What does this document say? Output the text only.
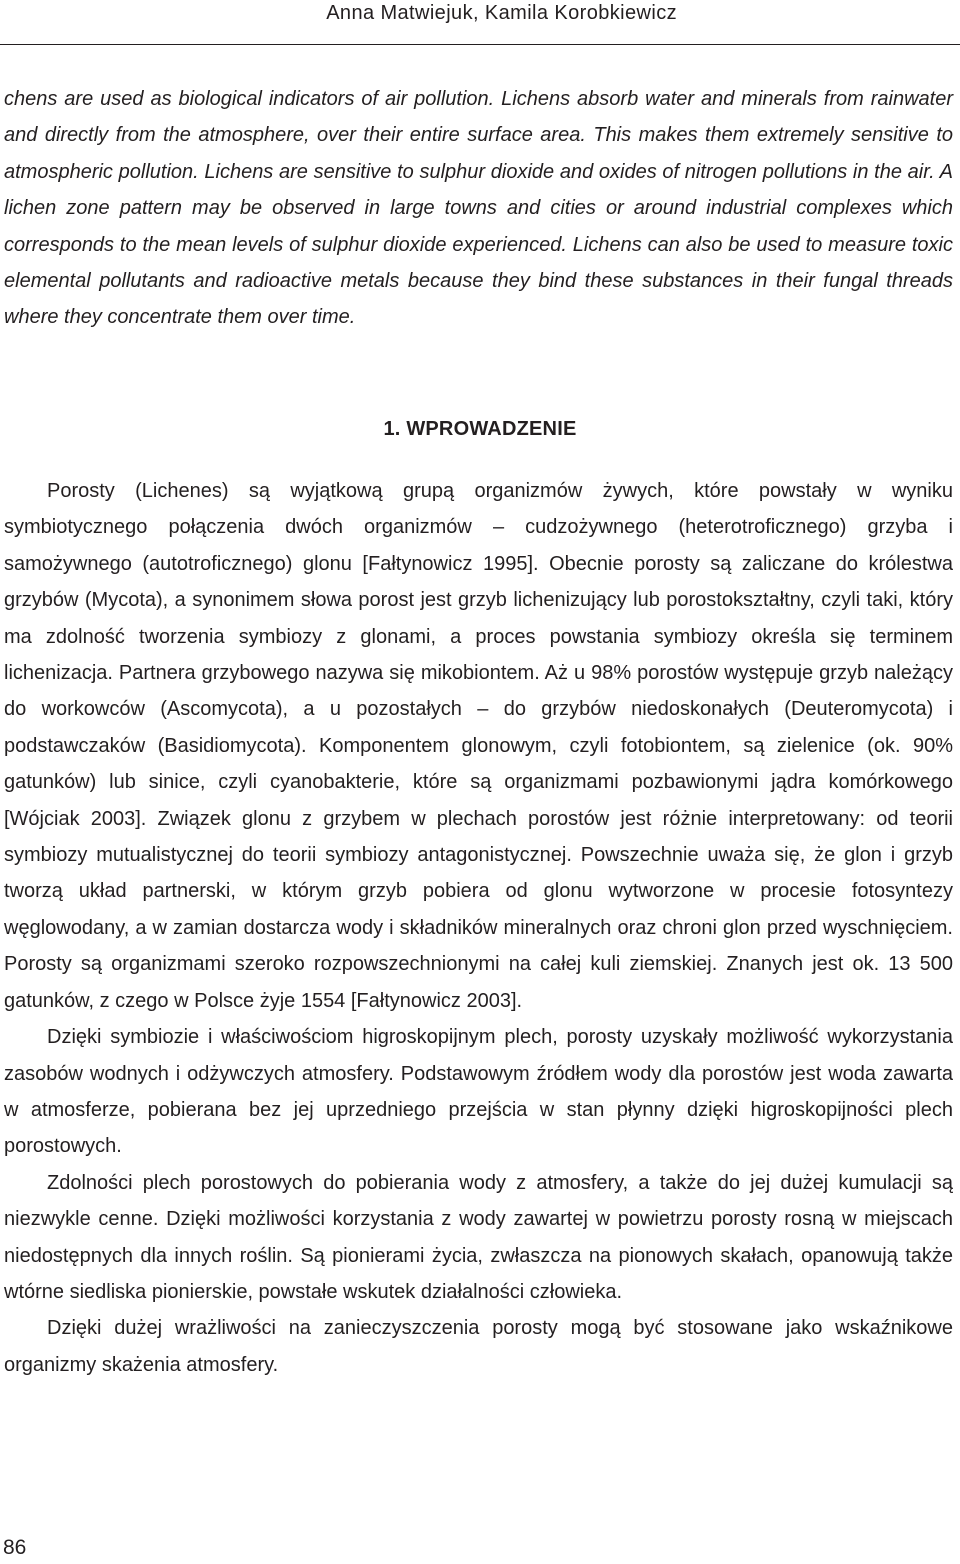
Anna Matwiejuk, Kamila Korobkiewicz
chens are used as biological indicators of air pollution. Lichens absorb water and minerals from rainwater and directly from the atmosphere, over their entire surface area. This makes them extremely sensitive to atmospheric pollution. Lichens are sensitive to sulphur dioxide and oxides of nitrogen pollutions in the air. A lichen zone pattern may be observed in large towns and cities or around industrial complexes which corresponds to the mean levels of sulphur dioxide experienced. Lichens can also be used to measure toxic elemental pollutants and radioactive metals because they bind these substances in their fungal threads where they concentrate them over time.
1. WPROWADZENIE

Porosty (Lichenes) są wyjątkową grupą organizmów żywych, które powstały w wyniku symbiotycznego połączenia dwóch organizmów – cudzożywnego (heterotroficznego) grzyba i samożywnego (autotroficznego) glonu [Fałtynowicz 1995]. Obecnie porosty są zaliczane do królestwa grzybów (Mycota), a synonimem słowa porost jest grzyb lichenizujący lub porostokształtny, czyli taki, który ma zdolność tworzenia symbiozy z glonami, a proces powstania symbiozy określa się terminem lichenizacja. Partnera grzybowego nazywa się mikobiontem. Aż u 98% porostów występuje grzyb należący do workowców (Ascomycota), a u pozostałych – do grzybów niedoskonałych (Deuteromycota) i podstawczaków (Basidiomycota). Komponentem glonowym, czyli fotobiontem, są zielenice (ok. 90% gatunków) lub sinice, czyli cyanobakterie, które są organizmami pozbawionymi jądra komórkowego [Wójciak 2003]. Związek glonu z grzybem w plechach porostów jest różnie interpretowany: od teorii symbiozy mutualistycznej do teorii symbiozy antagonistycznej. Powszechnie uważa się, że glon i grzyb tworzą układ partnerski, w którym grzyb pobiera od glonu wytworzone w procesie fotosyntezy węglowodany, a w zamian dostarcza wody i składników mineralnych oraz chroni glon przed wyschnięciem. Porosty są organizmami szeroko rozpowszechnionymi na całej kuli ziemskiej. Znanych jest ok. 13 500 gatunków, z czego w Polsce żyje 1554 [Fałtynowicz 2003].

Dzięki symbiozie i właściwościom higroskopijnym plech, porosty uzyskały możliwość wykorzystania zasobów wodnych i odżywczych atmosfery. Podstawowym źródłem wody dla porostów jest woda zawarta w atmosferze, pobierana bez jej uprzedniego przejścia w stan płynny dzięki higroskopijności plech porostowych.

Zdolności plech porostowych do pobierania wody z atmosfery, a także do jej dużej kumulacji są niezwykle cenne. Dzięki możliwości korzystania z wody zawartej w powietrzu porosty rosną w miejscach niedostępnych dla innych roślin. Są pionierami życia, zwłaszcza na pionowych skałach, opanowują także wtórne siedliska pionierskie, powstałe wskutek działalności człowieka.

Dzięki dużej wrażliwości na zanieczyszczenia porosty mogą być stosowane jako wskaźnikowe organizmy skażenia atmosfery.

86
